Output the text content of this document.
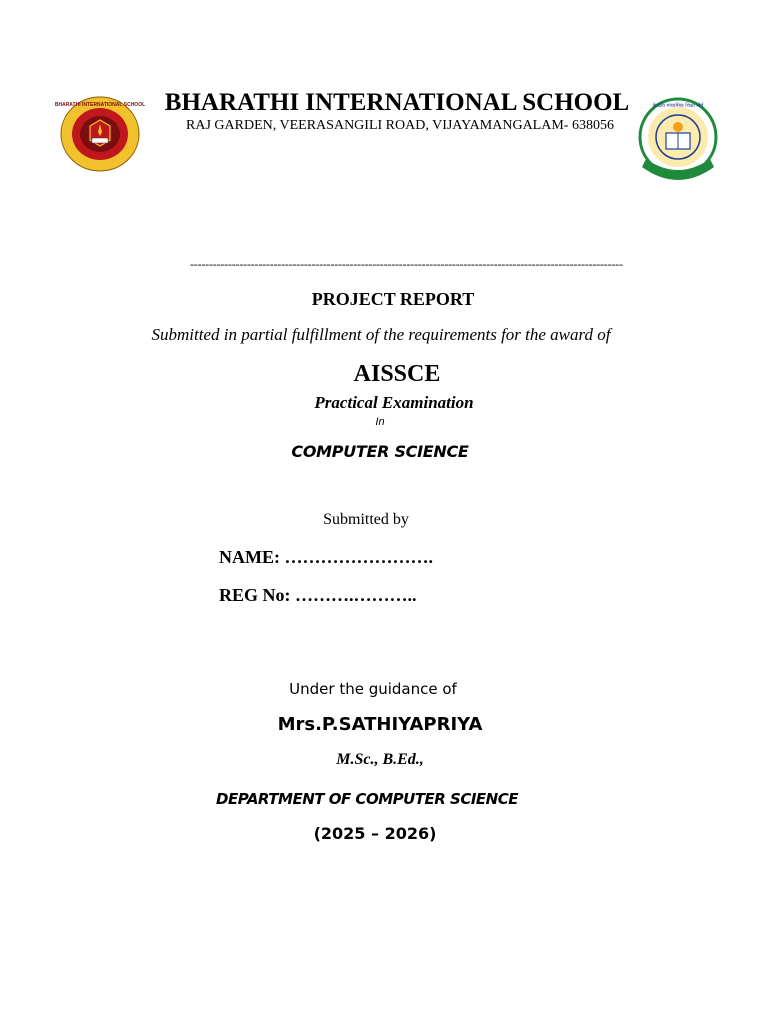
BHARATHI INTERNATIONAL SCHOOL	केन्द्रीय माध्यमिक शिक्षा बोर्ड
BHARATHI INTERNATIONAL SCHOOL
RAJ GARDEN, VEERASANGILI ROAD, VIJAYAMANGALAM- 638056
------------------------------------------------------------------------------------------------------------------
PROJECT REPORT
Submitted in partial fulfillment of the requirements for the award of
AISSCE
Practical Examination
In
COMPUTER SCIENCE
Submitted by
NAME: …………………….
REG No: ……….………..
Under the guidance of
Mrs.P.SATHIYAPRIYA
M.Sc., B.Ed.,
DEPARTMENT OF COMPUTER SCIENCE
(2025 – 2026)
